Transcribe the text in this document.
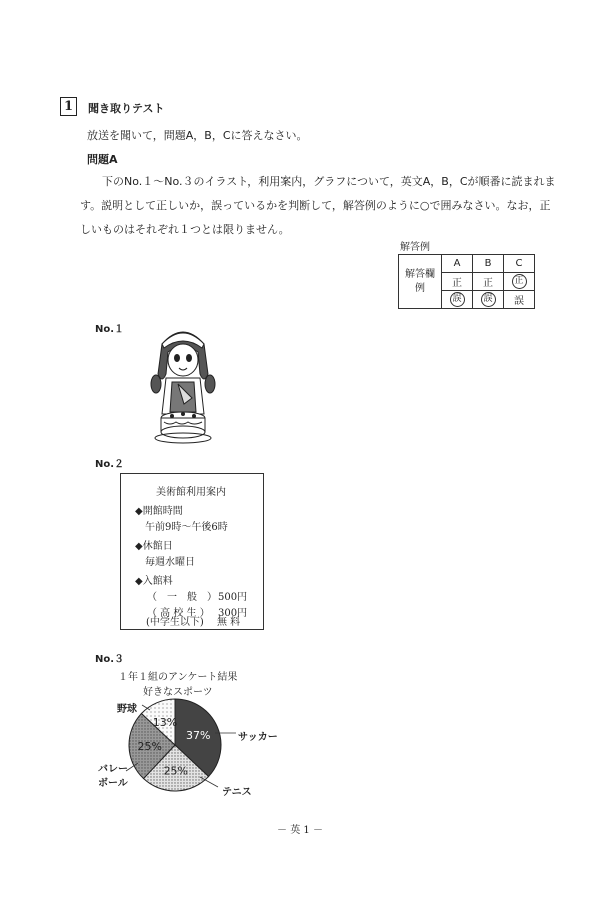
1 聞き取りテスト
放送を聞いて，問題A，B，Cに答えなさい。
問題A
下のNo.１～No.３のイラスト，利用案内，グラフについて，英文A，B，Cが順番に読まれます。説明として正しいか，誤っているかを判断して，解答例のように○で囲みなさい。なお，正しいものはそれぞれ１つとは限りません。
解答例
解答欄例	A	B	C
	正	正	正
	誤	誤	誤
No.１
No.２
美術館利用案内
◆開館時間
午前9時～午後6時
◆休館日
毎週水曜日
◆入館料
（　一　般　） 500円
（ 高 校 生 ） 300円
(中学生以下) 無 料
No.３
１年１組のアンケート結果
好きなスポーツ
37%
25%
25%
13%
サッカー
テニス
バレーボール
野球
－ 英 1 －
